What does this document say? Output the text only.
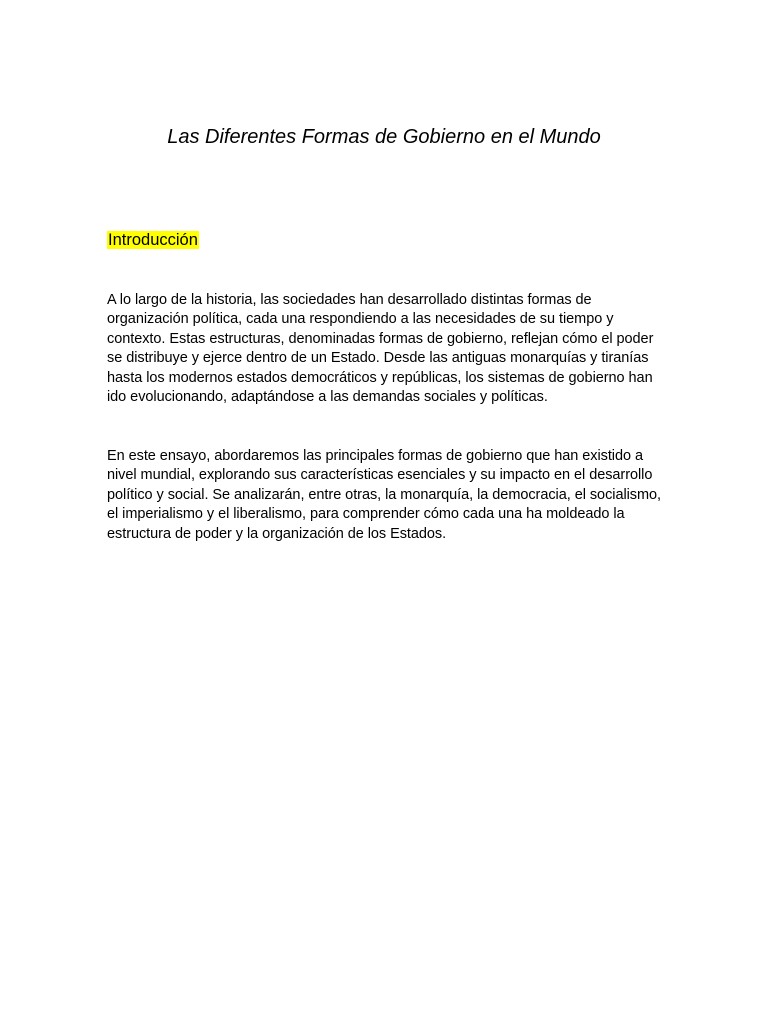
Las Diferentes Formas de Gobierno en el Mundo
Introducción

A lo largo de la historia, las sociedades han desarrollado distintas formas de organización política, cada una respondiendo a las necesidades de su tiempo y contexto. Estas estructuras, denominadas formas de gobierno, reflejan cómo el poder se distribuye y ejerce dentro de un Estado. Desde las antiguas monarquías y tiranías hasta los modernos estados democráticos y repúblicas, los sistemas de gobierno han ido evolucionando, adaptándose a las demandas sociales y políticas.

En este ensayo, abordaremos las principales formas de gobierno que han existido a nivel mundial, explorando sus características esenciales y su impacto en el desarrollo político y social. Se analizarán, entre otras, la monarquía, la democracia, el socialismo, el imperialismo y el liberalismo, para comprender cómo cada una ha moldeado la estructura de poder y la organización de los Estados.
